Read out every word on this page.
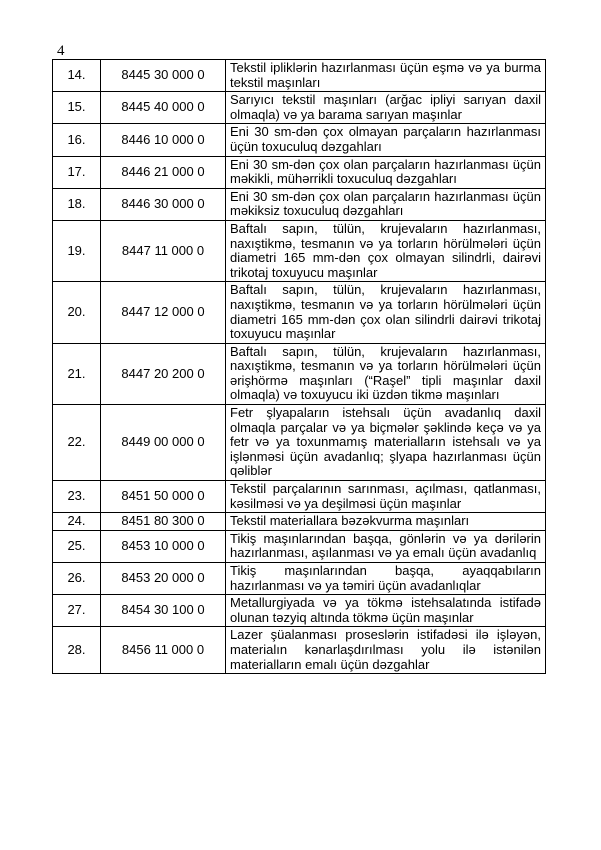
4
14.	8445 30 000 0	Tekstil ipliklərin hazırlanması üçün eşmə və ya burma tekstil maşınları
15.	8445 40 000 0	Sarıyıcı tekstil maşınları (arğac ipliyi sarıyan daxil olmaqla) və ya barama sarıyan maşınlar
16.	8446 10 000 0	Eni 30 sm-dən çox olmayan parçaların hazırlanması üçün toxuculuq dəzgahları
17.	8446 21 000 0	Eni 30 sm-dən çox olan parçaların hazırlanması üçün məkikli, mühərrikli toxuculuq dəzgahları
18.	8446 30 000 0	Eni 30 sm-dən çox olan parçaların hazırlanması üçün məkiksiz toxuculuq dəzgahları
19.	8447 11 000 0	Baftalı sapın, tülün, krujevaların hazırlanması, naxıştikmə, tesmanın və ya torların hörülmələri üçün diametri 165 mm-dən çox olmayan silindrli, dairəvi trikotaj toxuyucu maşınlar
20.	8447 12 000 0	Baftalı sapın, tülün, krujevaların hazırlanması, naxıştikmə, tesmanın və ya torların hörülmələri üçün diametri 165 mm-dən çox olan silindrli dairəvi trikotaj toxuyucu maşınlar
21.	8447 20 200 0	Baftalı sapın, tülün, krujevaların hazırlanması, naxıştikmə, tesmanın və ya torların hörülmələri üçün ərişhörmə maşınları (“Raşel” tipli maşınlar daxil olmaqla) və toxuyucu iki üzdən tikmə maşınları
22.	8449 00 000 0	Fetr şlyapaların istehsalı üçün avadanlıq daxil olmaqla parçalar və ya biçmələr şəklində keçə və ya fetr və ya toxunmamış materialların istehsalı və ya işlənməsi üçün avadanlıq; şlyapa hazırlanması üçün qəliblər
23.	8451 50 000 0	Tekstil parçalarının sarınması, açılması, qatlanması, kəsilməsi və ya deşilməsi üçün maşınlar
24.	8451 80 300 0	Tekstil materiallara bəzəkvurma maşınları
25.	8453 10 000 0	Tikiş maşınlarından başqa, gönlərin və ya dərilərin hazırlanması, aşılanması və ya emalı üçün avadanlıq
26.	8453 20 000 0	Tikiş maşınlarından başqa, ayaqqabıların hazırlanması və ya təmiri üçün avadanlıqlar
27.	8454 30 100 0	Metallurgiyada və ya tökmə istehsalatında istifadə olunan təzyiq altında tökmə üçün maşınlar
28.	8456 11 000 0	Lazer şüalanması proseslərin istifadəsi ilə işləyən, materialın kənarlaşdırılması yolu ilə istənilən materialların emalı üçün dəzgahlar
